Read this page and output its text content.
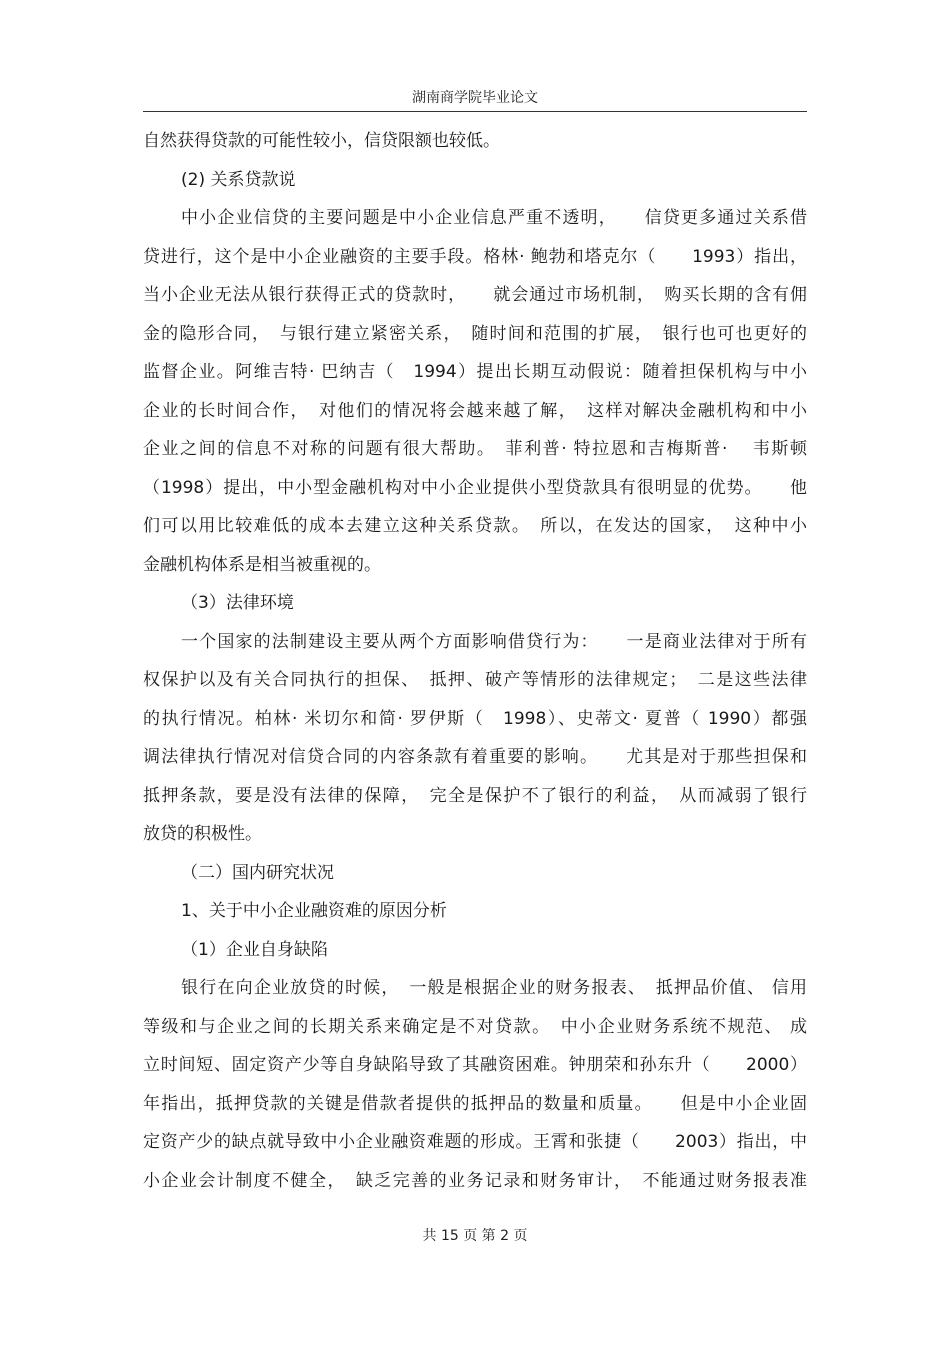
湖南商学院毕业论文
自然获得贷款的可能性较小，信贷限额也较低。
(2) 关系贷款说
中小企业信贷的主要问题是中小企业信息严重不透明，　　信贷更多通过关系借
贷进行，这个是中小企业融资的主要手段。格林· 鲍勃和塔克尔（　　1993）指出，
当小企业无法从银行获得正式的贷款时，　　就会通过市场机制，　购买长期的含有佣
金的隐形合同，　与银行建立紧密关系，　随时间和范围的扩展，　银行也可也更好的
监督企业。阿维吉特· 巴纳吉（　1994）提出长期互动假说：随着担保机构与中小
企业的长时间合作，　对他们的情况将会越来越了解，　这样对解决金融机构和中小
企业之间的信息不对称的问题有很大帮助。　菲利普· 特拉恩和吉梅斯普· 　韦斯顿
（1998）提出，中小型金融机构对中小企业提供小型贷款具有很明显的优势。　　他
们可以用比较难低的成本去建立这种关系贷款。　所以，在发达的国家，　这种中小
金融机构体系是相当被重视的。
（3）法律环境
一个国家的法制建设主要从两个方面影响借贷行为：　　一是商业法律对于所有
权保护以及有关合同执行的担保、　抵押、破产等情形的法律规定；　二是这些法律
的执行情况。柏林· 米切尔和简· 罗伊斯（　1998）、史蒂文· 夏普（ 1990）都强
调法律执行情况对信贷合同的内容条款有着重要的影响。　　尤其是对于那些担保和
抵押条款，要是没有法律的保障，　完全是保护不了银行的利益，　从而减弱了银行
放贷的积极性。
（二）国内研究状况
1、关于中小企业融资难的原因分析
（1）企业自身缺陷
银行在向企业放贷的时候，　一般是根据企业的财务报表、　抵押品价值、 信用
等级和与企业之间的长期关系来确定是不对贷款。　中小企业财务系统不规范、 成
立时间短、固定资产少等自身缺陷导致了其融资困难。钟朋荣和孙东升（　　2000）
年指出，抵押贷款的关键是借款者提供的抵押品的数量和质量。　　但是中小企业固
定资产少的缺点就导致中小企业融资难题的形成。王霄和张捷（　　2003）指出，中
小企业会计制度不健全，　缺乏完善的业务记录和财务审计，　不能通过财务报表准
共 15 页 第 2 页
